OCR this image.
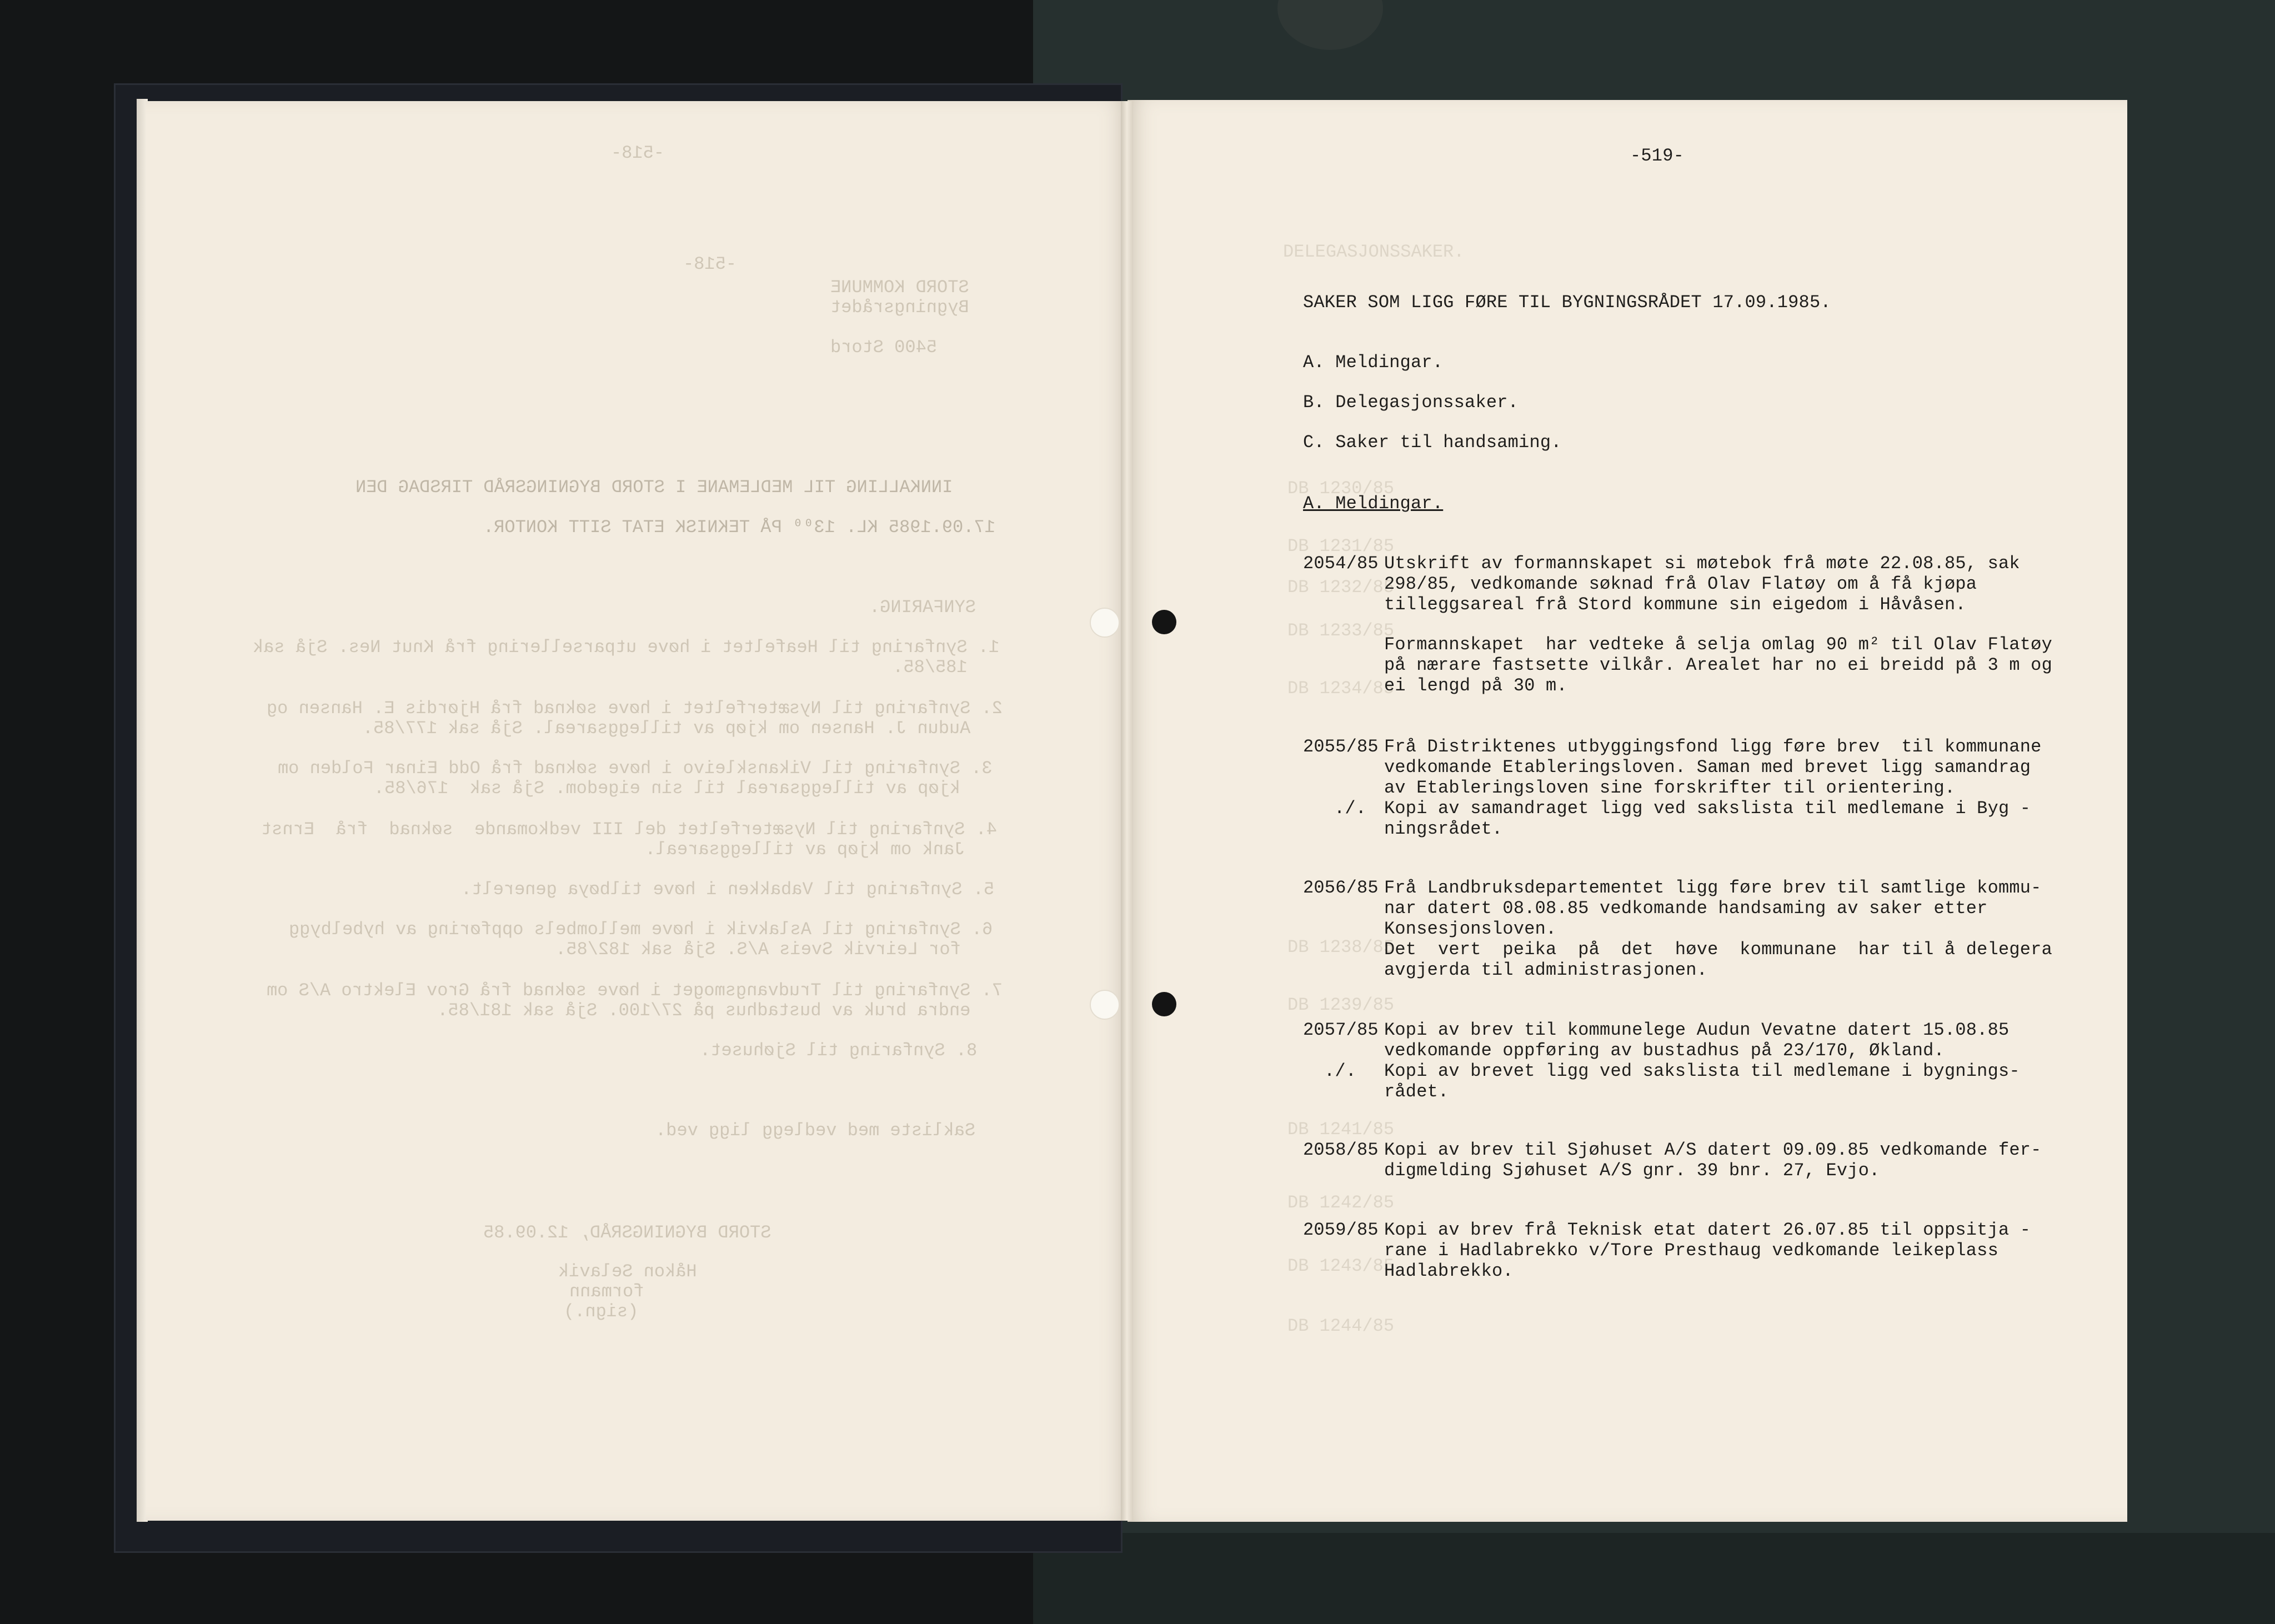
-518-
-518-
STORD KOMMUNE
Bygningsrådet
5400 Stord
INNKALLING TIL MEDLEMANE I STORD BYGNINGSRÅD TIRSDAG DEN
17.09.1985 KL. 13⁰⁰ PÅ TEKNISK ETAT SITT KONTOR.
SYNFARING.
1. Synfaring til Heafeltet i høve utparsellering frå Knut Nes. Sjå sak
185/85.
2. Synfaring til Nysæterfeltet i høve søknad frå Hjørdis E. Hansen og
Audun J. Hansen om kjøp av tilleggsareal. Sjå sak 177/85.
3. Synfaring til Vikanskleivo i høve søknad frå Odd Einar Folden om
kjøp av tilleggsareal til sin eigedom. Sjå sak  176/85.
4. Synfaring til Nysæterfeltet del III vedkomande  søknad  frå  Ernst
Jank om kjøp av tilleggsareal.
5. Synfaring til Vabakken i høve tilbøya generelt.
6. Synfaring til Aslakvik i høve mellombels oppføring av hybelbygg
for Leirvik Sveis A/S. Sjå sak 182/85.
7. Synfaring til Trudvangsmoget i høve søknad frå Grov Elektro A/S om
endra bruk av bustadhus på 27/100. Sjå sak 181/85.
8. Synfaring til Sjøhuset.
Sakliste med vedlegg ligg ved.
STORD BYGNINGSRÅD, 12.09.85
Håkon Selavik
formann
(sign.)
DELEGASJONSSAKER.
DB 1230/85
DB 1231/85
DB 1232/85
DB 1233/85
DB 1234/85
DB 1238/85
DB 1239/85
DB 1241/85
DB 1242/85
DB 1243/85
DB 1244/85
-519-
SAKER SOM LIGG FØRE TIL BYGNINGSRÅDET 17.09.1985.
A. Meldingar.
B. Delegasjonssaker.
C. Saker til handsaming.
A. Meldingar.
2054/85 Utskrift av formannskapet si møtebok frå møte 22.08.85, sak
298/85, vedkomande søknad frå Olav Flatøy om å få kjøpa
tilleggsareal frå Stord kommune sin eigedom i Håvåsen.
Formannskapet  har vedteke å selja omlag 90 m² til Olav Flatøy
på nærare fastsette vilkår. Arealet har no ei breidd på 3 m og
ei lengd på 30 m.
2055/85 Frå Distriktenes utbyggingsfond ligg føre brev  til kommunane
vedkomande Etableringsloven. Saman med brevet ligg samandrag
av Etableringsloven sine forskrifter til orientering.
./. Kopi av samandraget ligg ved sakslista til medlemane i Byg -
ningsrådet.
2056/85 Frå Landbruksdepartementet ligg føre brev til samtlige kommu-
nar datert 08.08.85 vedkomande handsaming av saker etter
Konsesjonsloven.
Det  vert  peika  på  det  høve  kommunane  har til å delegera
avgjerda til administrasjonen.
2057/85 Kopi av brev til kommunelege Audun Vevatne datert 15.08.85
vedkomande oppføring av bustadhus på 23/170, Økland.
./. Kopi av brevet ligg ved sakslista til medlemane i bygnings-
rådet.
2058/85 Kopi av brev til Sjøhuset A/S datert 09.09.85 vedkomande fer-
digmelding Sjøhuset A/S gnr. 39 bnr. 27, Evjo.
2059/85 Kopi av brev frå Teknisk etat datert 26.07.85 til oppsitja -
rane i Hadlabrekko v/Tore Presthaug vedkomande leikeplass
Hadlabrekko.
